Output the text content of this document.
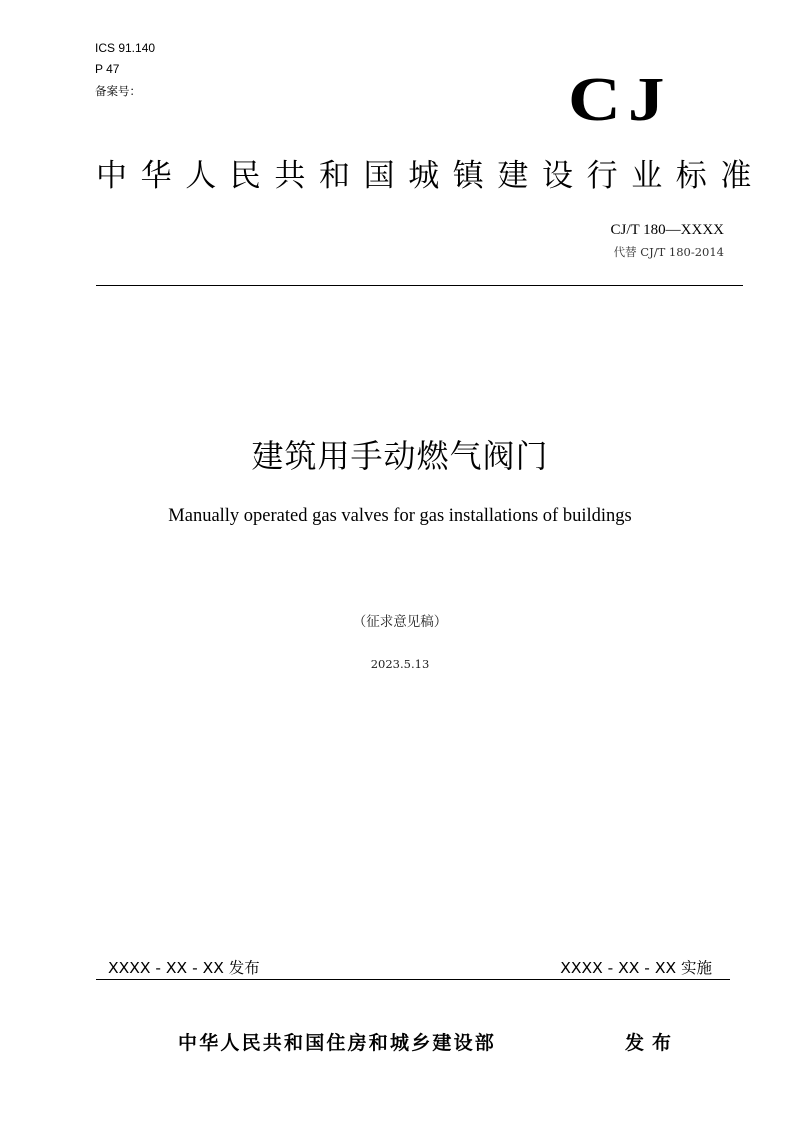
ICS 91.140
P 47
备案号：	CJ
中华人民共和国城镇建设行业标准
CJ/T 180—XXXX
代替 CJ/T 180-2014
建筑用手动燃气阀门
Manually operated gas valves for gas installations of buildings
（征求意见稿）
2023.5.13
XXXX - XX - XX 发布	XXXX - XX - XX 实施
中华人民共和国住房和城乡建设部	发布
